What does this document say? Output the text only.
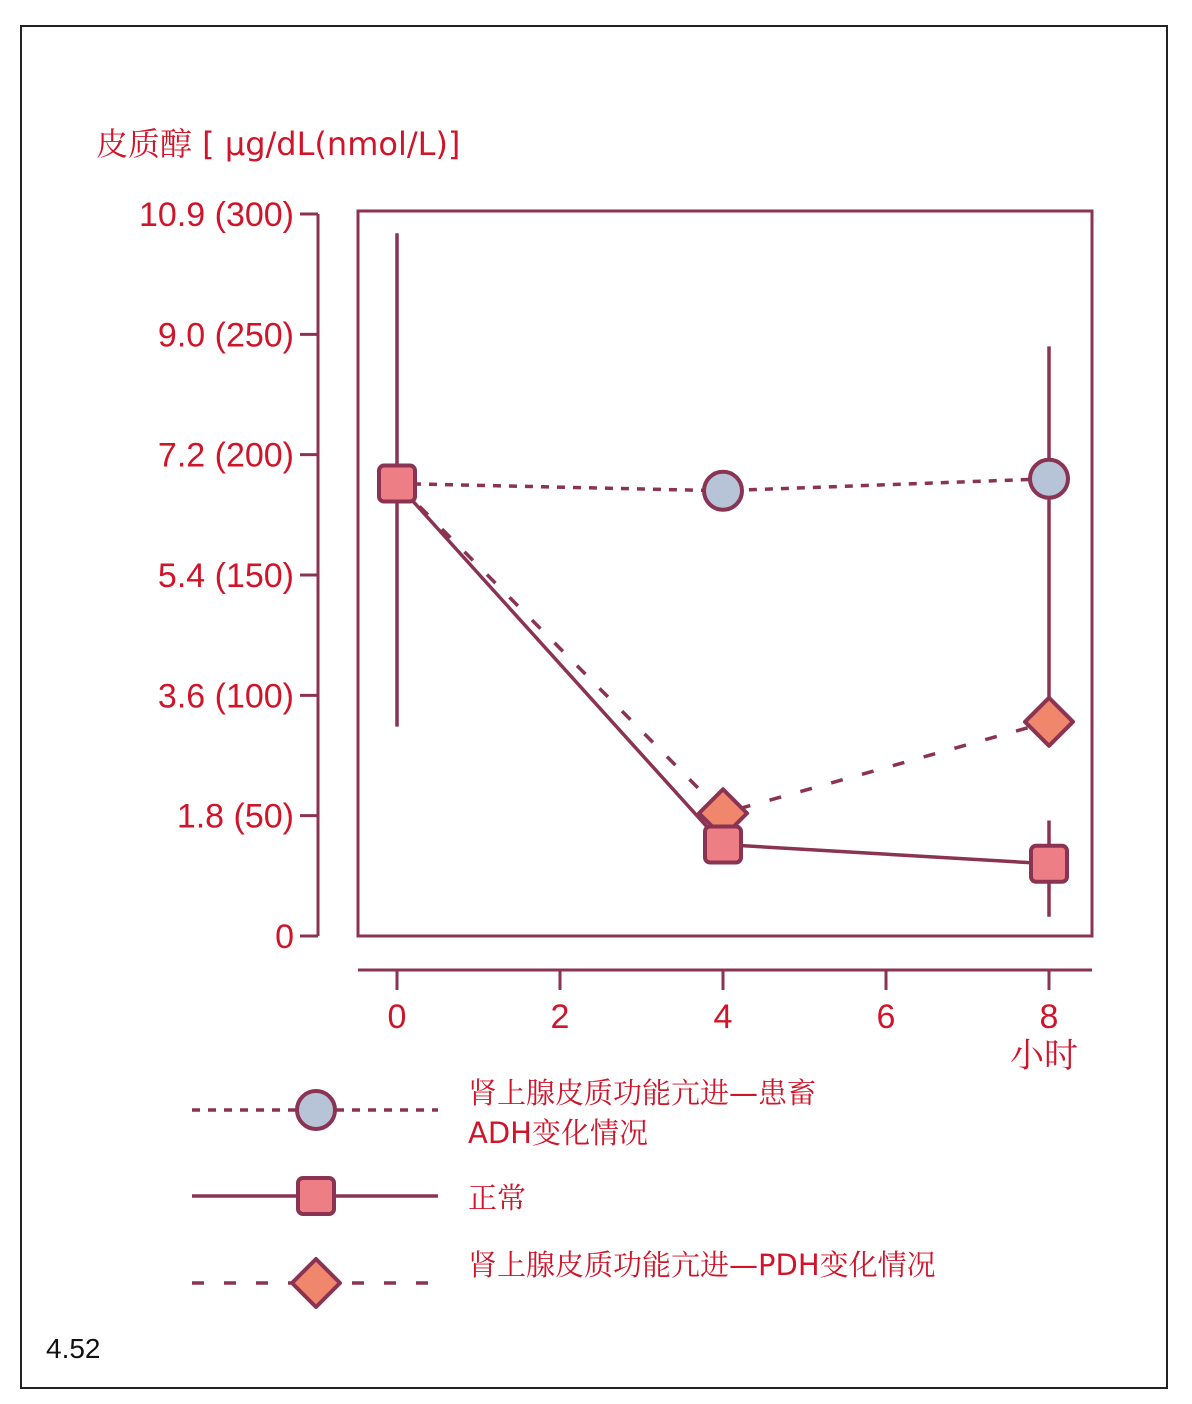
皮质醇 [ μg/dL(nmol/L)]
0
1.8 (50)
3.6 (100)
5.4 (150)
7.2 (200)
9.0 (250)
10.9 (300)
0	2	4	6	8
小时
肾上腺皮质功能亢进—患畜
ADH变化情况
正常
肾上腺皮质功能亢进—PDH变化情况
4.52
